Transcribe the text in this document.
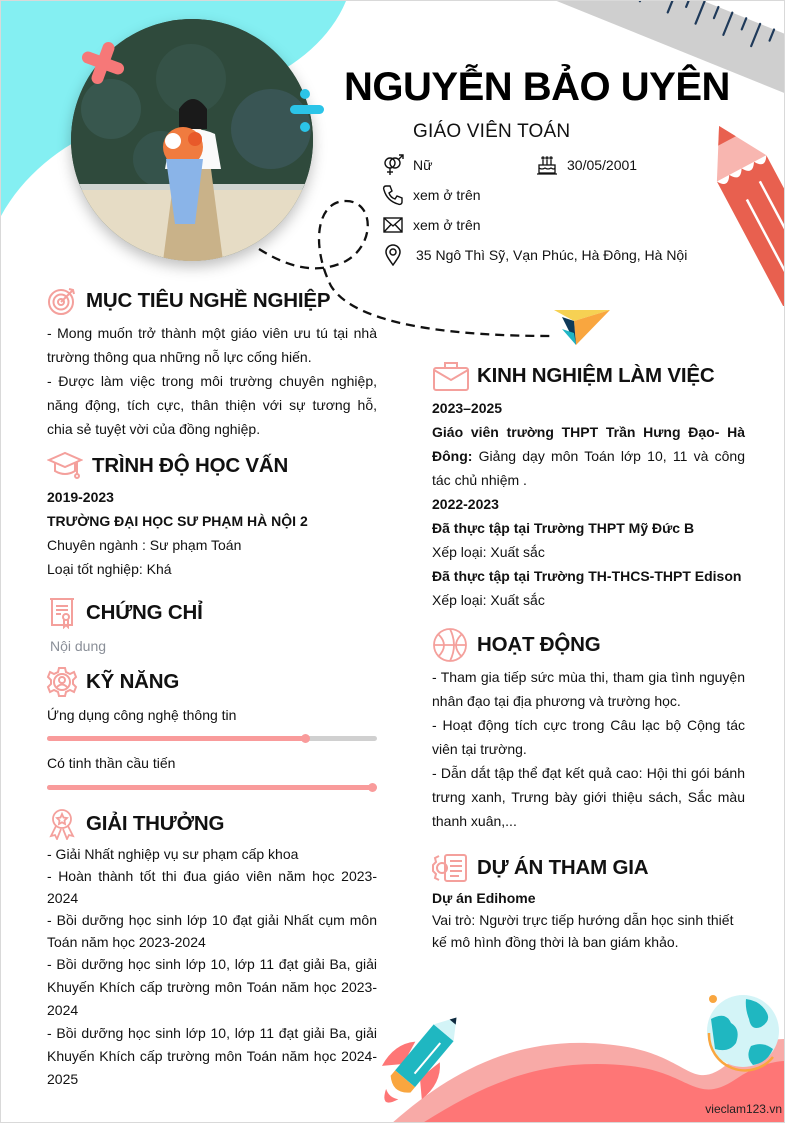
NGUYỄN BẢO UYÊN
GIÁO VIÊN TOÁN
Nữ	30/05/2001
xem ở trên
xem ở trên
35 Ngô Thì Sỹ, Vạn Phúc, Hà Đông, Hà Nội
MỤC TIÊU NGHỀ NGHIỆP

- Mong muốn trở thành một giáo viên ưu tú tại nhà trường thông qua những nỗ lực cống hiến.

- Được làm việc trong môi trường chuyên nghiệp, năng động, tích cực, thân thiện với sự tương hỗ, chia sẻ tuyệt vời của đồng nghiệp.

TRÌNH ĐỘ HỌC VẤN

2019-2023

TRƯỜNG ĐẠI HỌC SƯ PHẠM HÀ NỘI 2

Chuyên ngành : Sư phạm Toán

Loại tốt nghiệp: Khá

CHỨNG CHỈ
Nội dung
KỸ NĂNG
Ứng dụng công nghệ thông tin
Có tinh thần cầu tiến
GIẢI THƯỞNG

- Giải Nhất nghiệp vụ sư phạm cấp khoa

- Hoàn thành tốt thi đua giáo viên năm học 2023-2024

- Bồi dưỡng học sinh lớp 10 đạt giải Nhất cụm môn Toán năm học 2023-2024

- Bồi dưỡng học sinh lớp 10, lớp 11 đạt giải Ba, giải Khuyến Khích cấp trường môn Toán năm học 2023-2024

- Bồi dưỡng học sinh lớp 10, lớp 11 đạt giải Ba, giải Khuyến Khích cấp trường môn Toán năm học 2024-2025

KINH NGHIỆM LÀM VIỆC

2023–2025

Giáo viên trường THPT Trần Hưng Đạo- Hà Đông: Giảng dạy môn Toán lớp 10, 11 và công tác chủ nhiệm .

2022-2023

Đã thực tập tại Trường THPT Mỹ Đức B

Xếp loại: Xuất sắc

Đã thực tập tại Trường TH-THCS-THPT Edison

Xếp loại: Xuất sắc

HOẠT ĐỘNG

- Tham gia tiếp sức mùa thi, tham gia tình nguyện nhân đạo tại địa phương và trường học.

- Hoạt động tích cực trong Câu lạc bộ Cộng tác viên tại trường.

- Dẫn dắt tập thể đạt kết quả cao: Hội thi gói bánh trưng xanh, Trưng bày giới thiệu sách, Sắc màu thanh xuân,...

DỰ ÁN THAM GIA

Dự án Edihome

Vai trò: Người trực tiếp hướng dẫn học sinh thiết kế mô hình đồng thời là ban giám khảo.

vieclam123.vn
